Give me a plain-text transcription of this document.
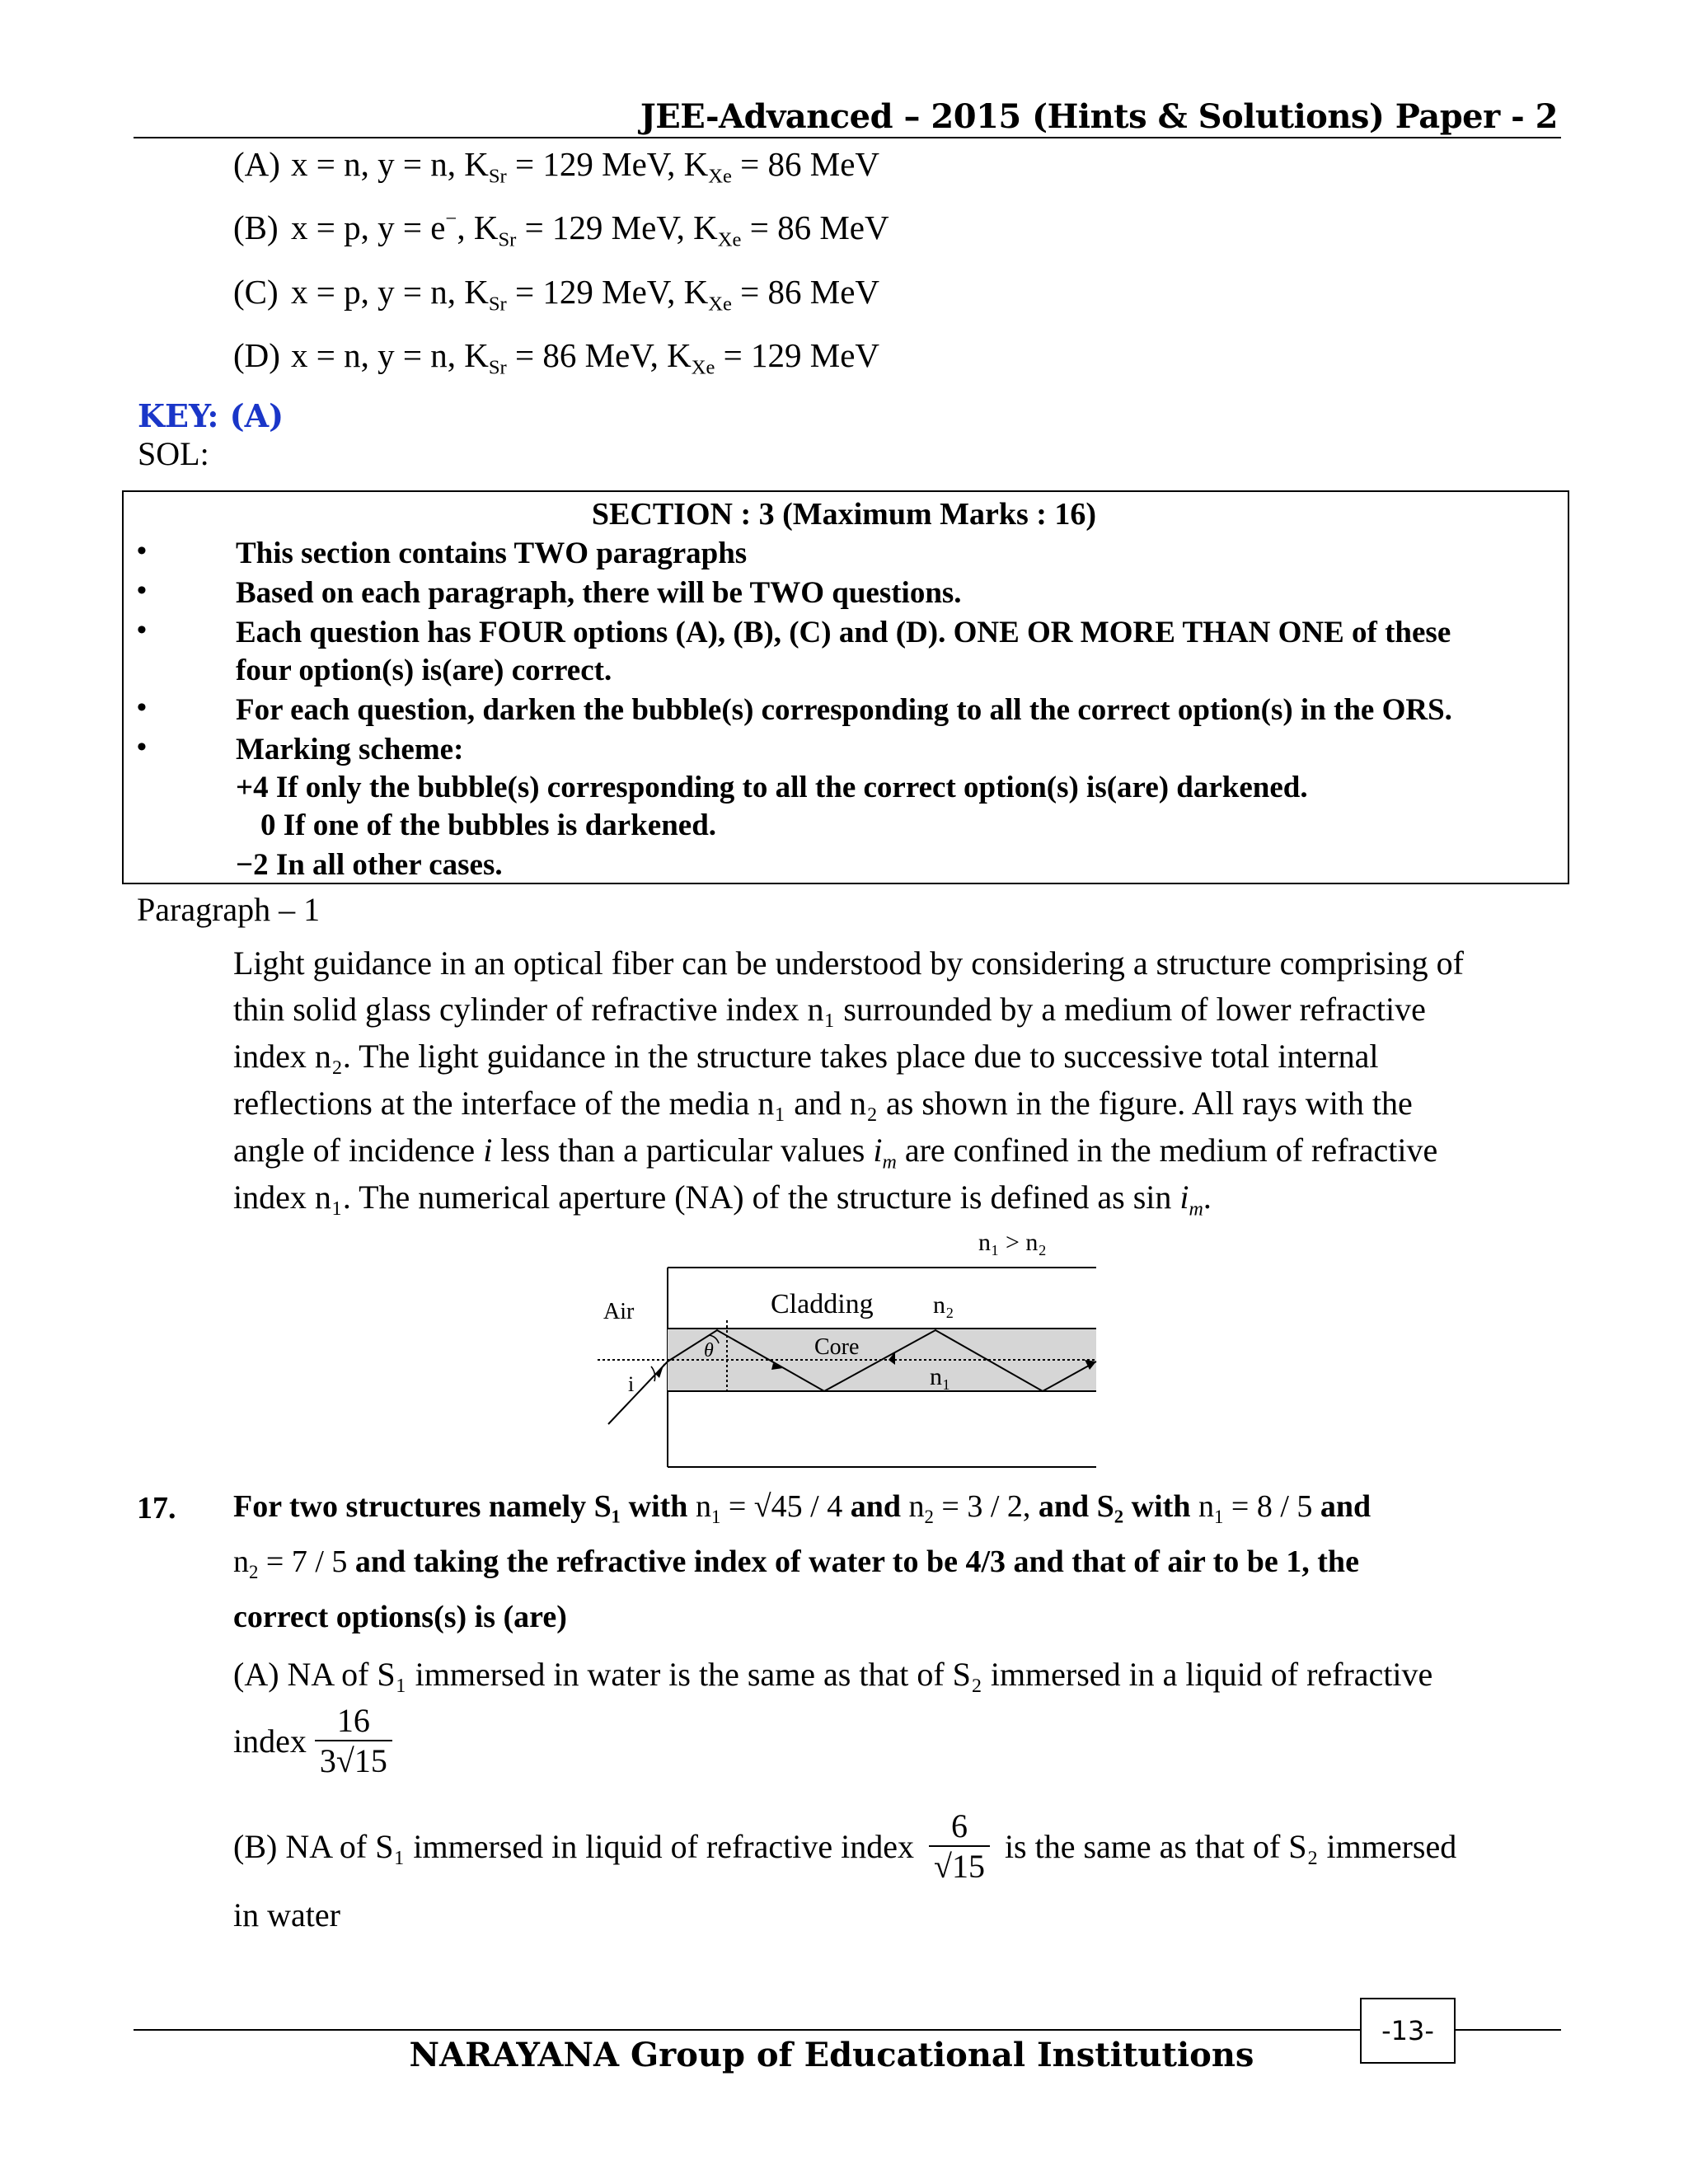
JEE-Advanced – 2015 (Hints & Solutions) Paper - 2
(A) x = n, y = n, $K_{Sr} = 129$ MeV, $K_{Xe} = 86$ MeV
(B) x = p, y = e−, $K_{Sr} = 129$ MeV, $K_{Xe} = 86$ MeV
(C) x = p, y = n, $K_{Sr} = 129$ MeV, $K_{Xe} = 86$ MeV
(D) x = n, y = n, $K_{Sr} = 86$ MeV, $K_{Xe} = 129$ MeV
KEY: (A)
SOL:
SECTION : 3 (Maximum Marks : 16)
•	This section contains TWO paragraphs
•	Based on each paragraph, there will be TWO questions.
•	Each question has FOUR options (A), (B), (C) and (D). ONE OR MORE THAN ONE of these
four option(s) is(are) correct.
•	For each question, darken the bubble(s) corresponding to all the correct option(s) in the ORS.
•	Marking scheme:
+4 If only the bubble(s) corresponding to all the correct option(s) is(are) darkened.
0 If one of the bubbles is darkened.
−2 In all other cases.
Paragraph – 1
Light guidance in an optical fiber can be understood by considering a structure comprising of
thin solid glass cylinder of refractive index n₁ surrounded by a medium of lower refractive
index n₂. The light guidance in the structure takes place due to successive total internal
reflections at the interface of the media n₁ and n₂ as shown in the figure. All rays with the
angle of incidence i less than a particular values $i_m$ are confined in the medium of refractive
index n₁. The numerical aperture (NA) of the structure is defined as $\sin i_m$.
n₁ > n₂
Air	Cladding n₂
Core
n₁
θ
i
17. For two structures namely S₁ with $n_1 = √45 / 4$ and $n_2 = 3 / 2$, and S₂ with $n_1 = 8 / 5$ and
$n_2 = 7 / 5$ and taking the refractive index of water to be 4/3 and that of air to be 1, the
correct options(s) is (are)
(A) NA of S₁ immersed in water is the same as that of S₂ immersed in a liquid of refractive
index $\frac{16}{3√15}$
(B) NA of S₁ immersed in liquid of refractive index $\frac{6}{√15}$ is the same as that of S₂ immersed
in water
-13-
NARAYANA Group of Educational Institutions
